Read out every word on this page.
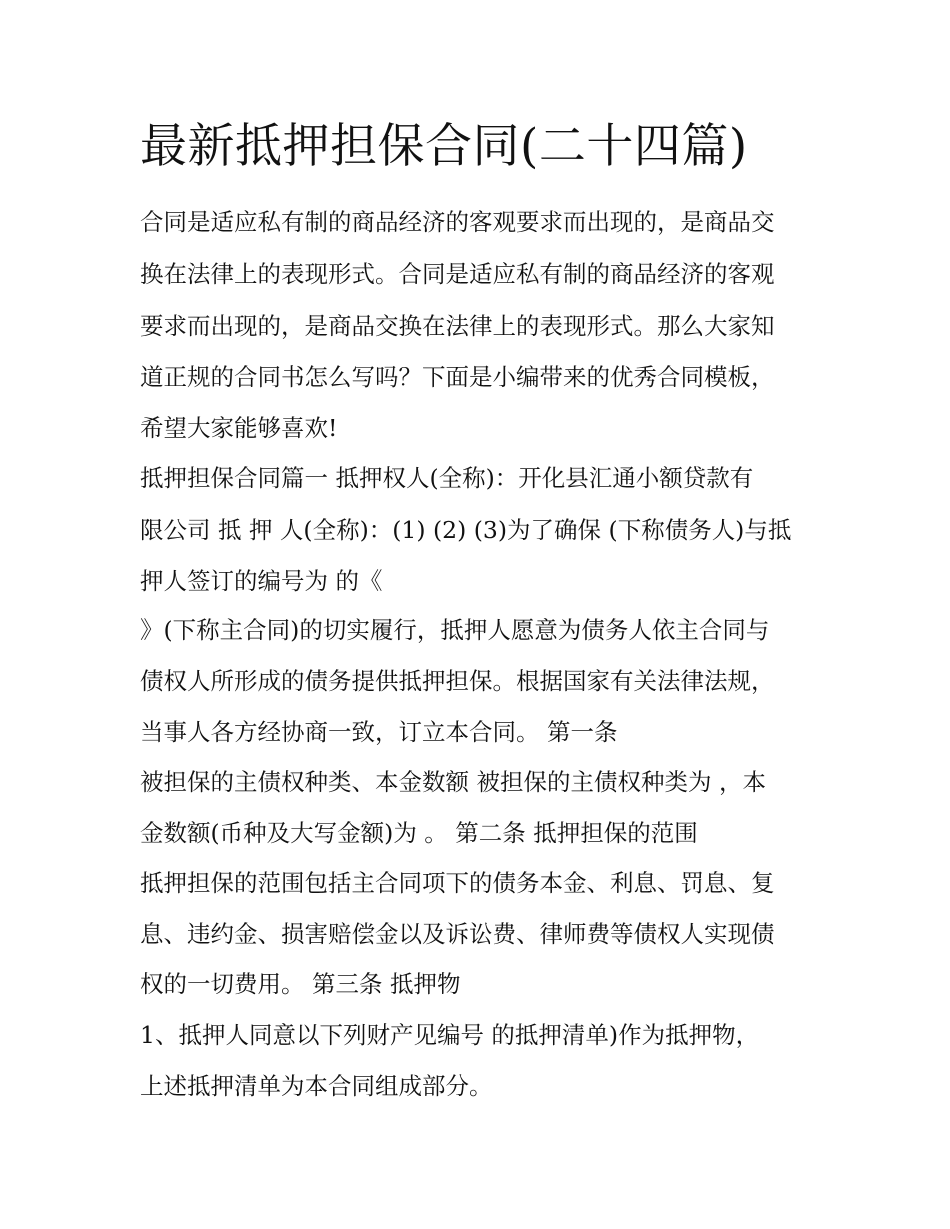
最新抵押担保合同(二十四篇)
合同是适应私有制的商品经济的客观要求而出现的，是商品交
换在法律上的表现形式。合同是适应私有制的商品经济的客观
要求而出现的，是商品交换在法律上的表现形式。那么大家知
道正规的合同书怎么写吗？下面是小编带来的优秀合同模板，
希望大家能够喜欢!
抵押担保合同篇一 抵押权人(全称)：开化县汇通小额贷款有
限公司 抵 押 人(全称)：(1) (2) (3)为了确保 (下称债务人)与抵
押人签订的编号为 的《
》(下称主合同)的切实履行，抵押人愿意为债务人依主合同与
债权人所形成的债务提供抵押担保。根据国家有关法律法规，
当事人各方经协商一致，订立本合同。 第一条
被担保的主债权种类、本金数额 被担保的主债权种类为 ，本
金数额(币种及大写金额)为 。 第二条 抵押担保的范围
抵押担保的范围包括主合同项下的债务本金、利息、罚息、复
息、违约金、损害赔偿金以及诉讼费、律师费等债权人实现债
权的一切费用。 第三条 抵押物
1、抵押人同意以下列财产见编号 的抵押清单)作为抵押物，
上述抵押清单为本合同组成部分。
